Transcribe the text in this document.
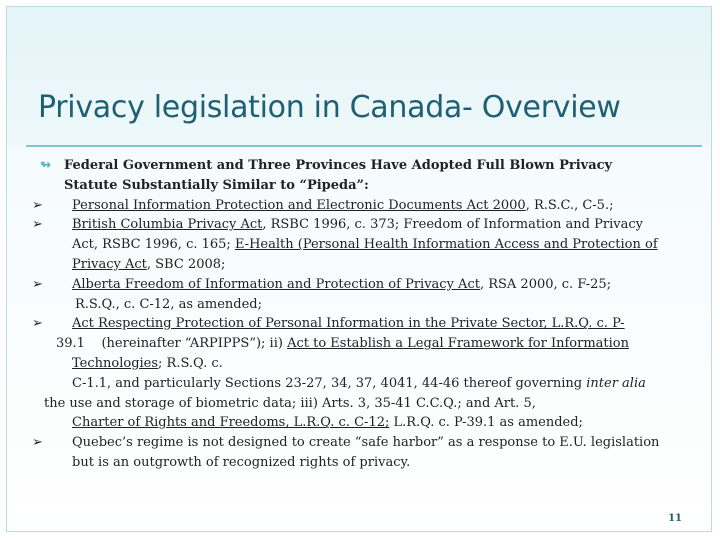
Privacy legislation in Canada- Overview
↬ Federal Government and Three Provinces Have Adopted Full Blown Privacy
Statute Substantially Similar to “Pipeda”:
➢ Personal Information Protection and Electronic Documents Act 2000, R.S.C., C-5.;
➢ British Columbia Privacy Act, RSBC 1996, c. 373; Freedom of Information and Privacy
Act, RSBC 1996, c. 165; E-Health (Personal Health Information Access and Protection of
Privacy Act, SBC 2008;
➢ Alberta Freedom of Information and Protection of Privacy Act, RSA 2000, c. F-25;
R.S.Q., c. C-12, as amended;
➢ Act Respecting Protection of Personal Information in the Private Sector, L.R.Q. c. P-
39.1 (hereinafter “ARPIPPS”); ii) Act to Establish a Legal Framework for Information
Technologies; R.S.Q. c.
C-1.1, and particularly Sections 23-27, 34, 37, 4041, 44-46 thereof governing inter alia
the use and storage of biometric data; iii) Arts. 3, 35-41 C.C.Q.; and Art. 5,
Charter of Rights and Freedoms, L.R.Q. c. C-12; L.R.Q. c. P-39.1 as amended;
➢ Quebec’s regime is not designed to create “safe harbor” as a response to E.U. legislation
but is an outgrowth of recognized rights of privacy.
11
